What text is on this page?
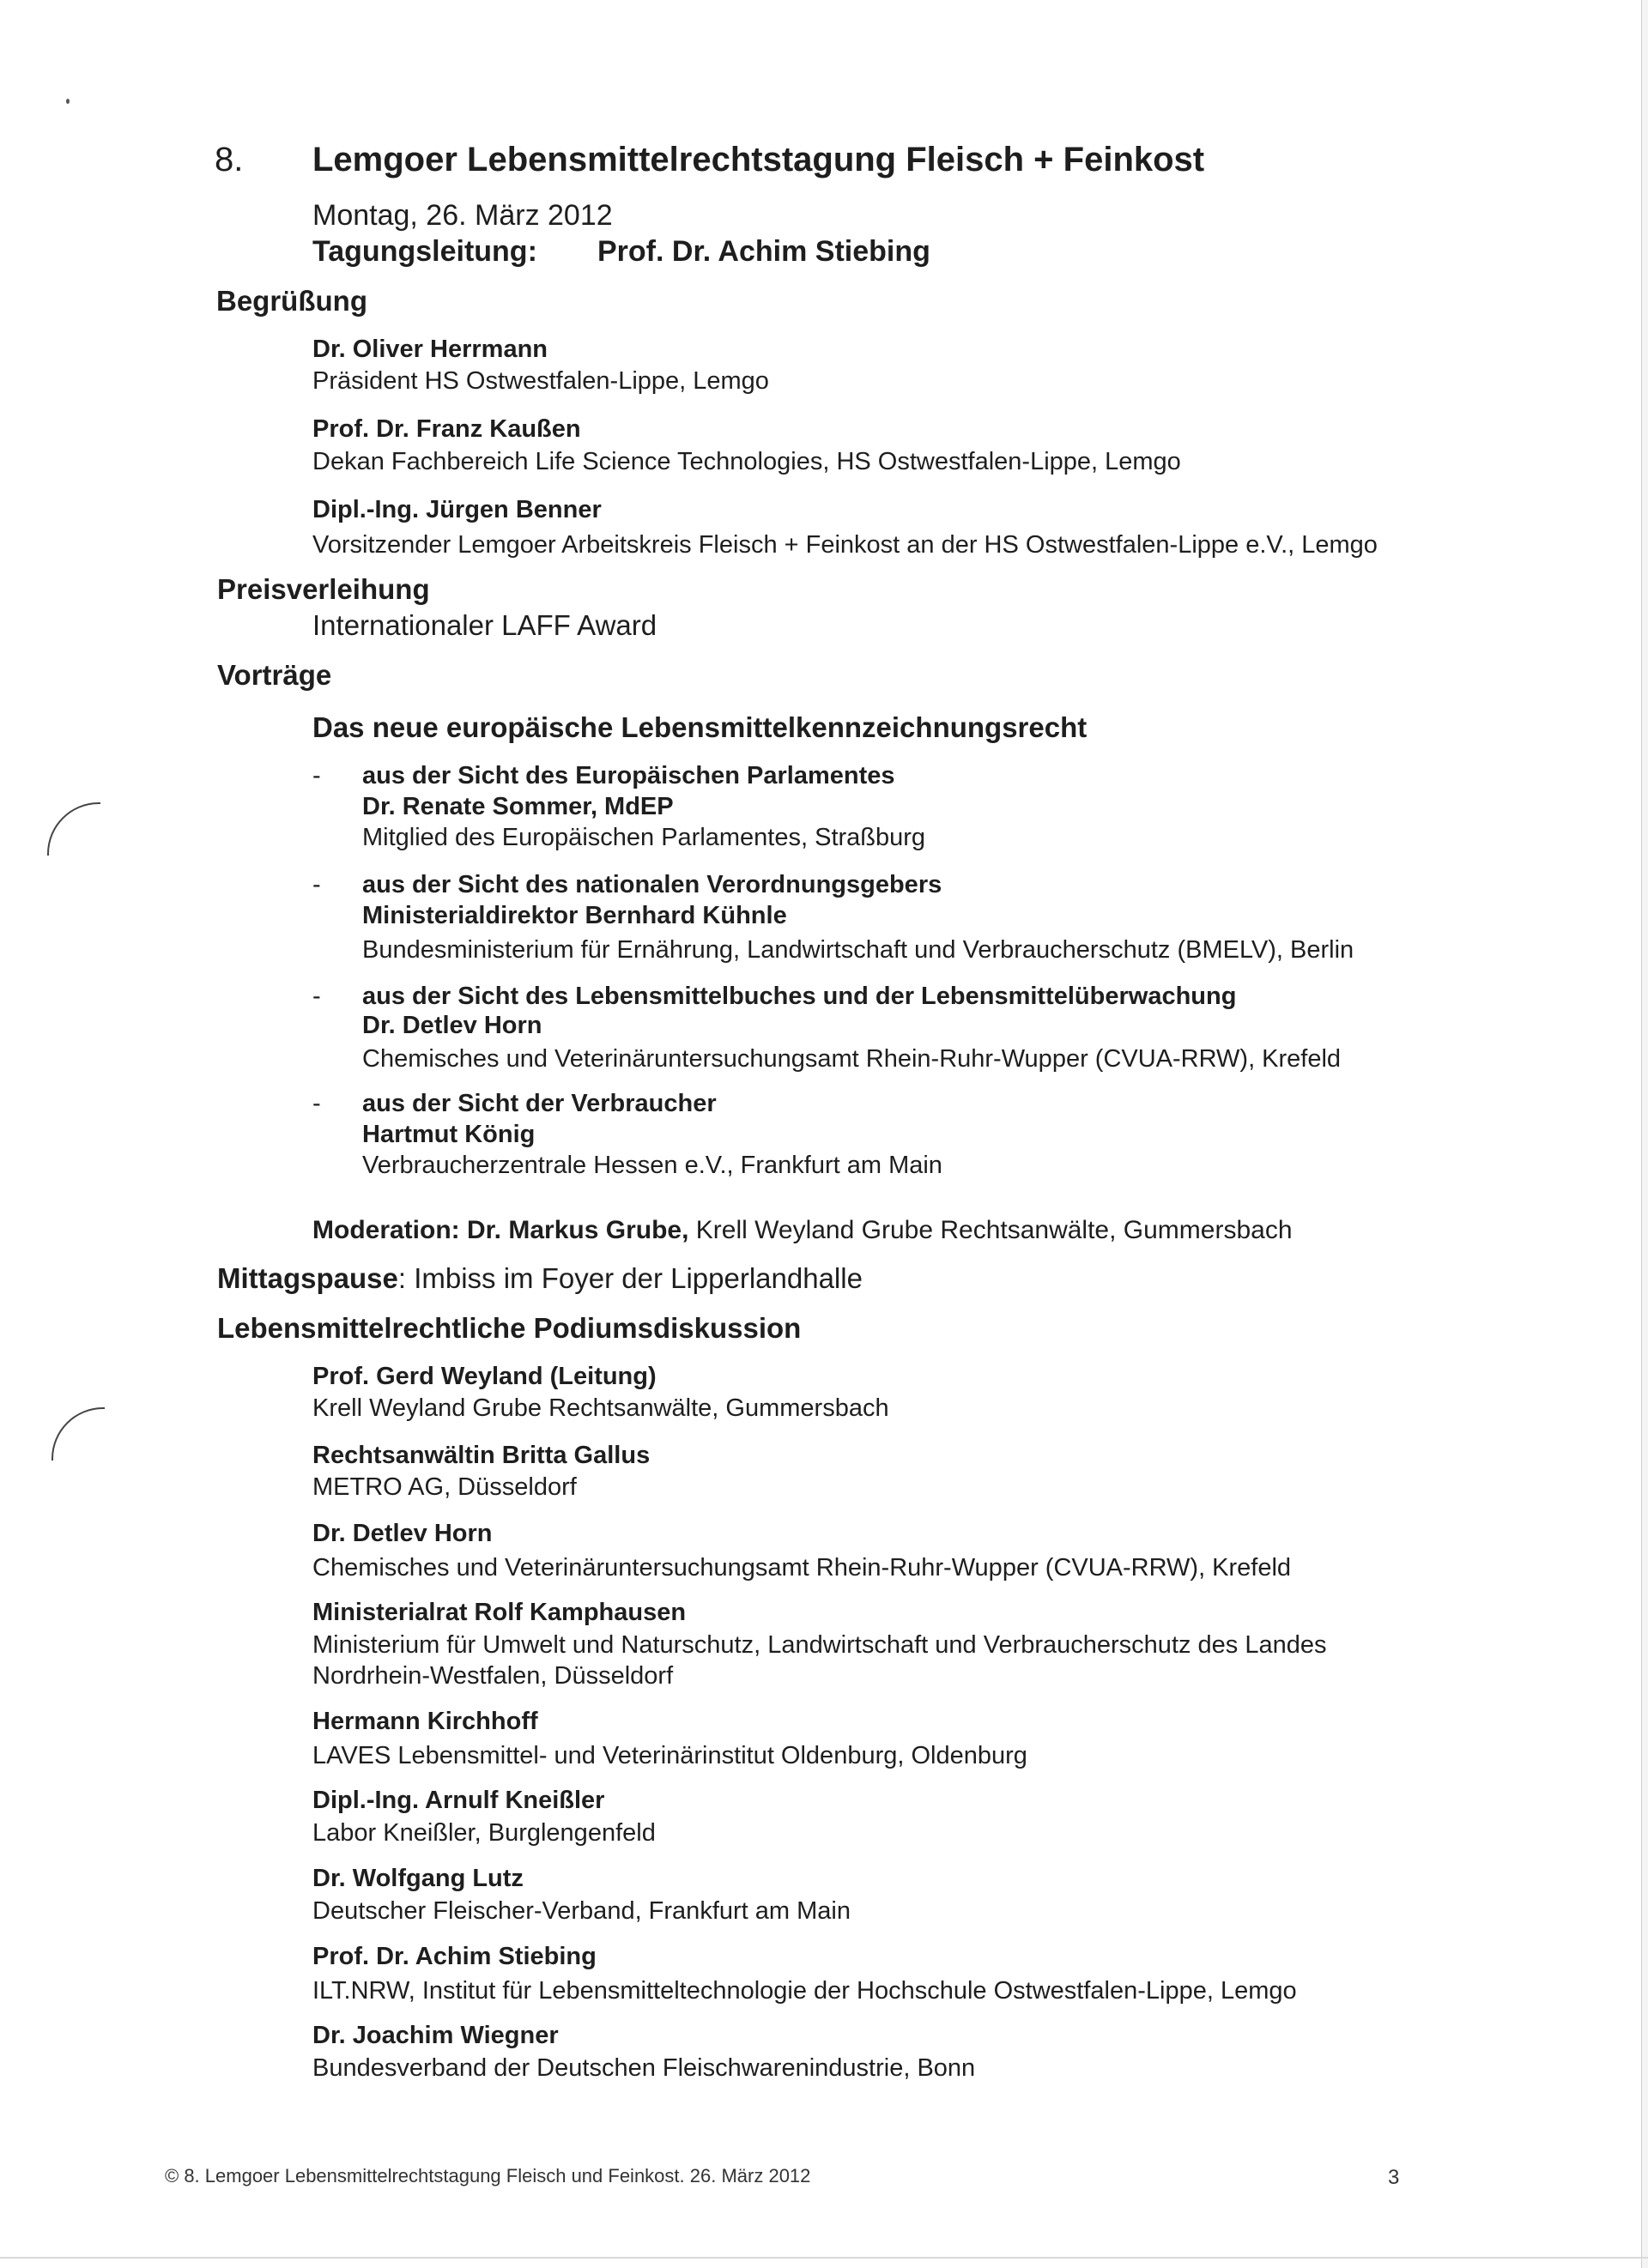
8. Lemgoer Lebensmittelrechtstagung Fleisch + Feinkost
Montag, 26. März 2012
Tagungsleitung: Prof. Dr. Achim Stiebing
Begrüßung
Dr. Oliver Herrmann
Präsident HS Ostwestfalen-Lippe, Lemgo
Prof. Dr. Franz Kaußen
Dekan Fachbereich Life Science Technologies, HS Ostwestfalen-Lippe, Lemgo
Dipl.-Ing. Jürgen Benner
Vorsitzender Lemgoer Arbeitskreis Fleisch + Feinkost an der HS Ostwestfalen-Lippe e.V., Lemgo
Preisverleihung
Internationaler LAFF Award
Vorträge
Das neue europäische Lebensmittelkennzeichnungsrecht
- aus der Sicht des Europäischen Parlamentes
Dr. Renate Sommer, MdEP
Mitglied des Europäischen Parlamentes, Straßburg
- aus der Sicht des nationalen Verordnungsgebers
Ministerialdirektor Bernhard Kühnle
Bundesministerium für Ernährung, Landwirtschaft und Verbraucherschutz (BMELV), Berlin
- aus der Sicht des Lebensmittelbuches und der Lebensmittelüberwachung
Dr. Detlev Horn
Chemisches und Veterinäruntersuchungsamt Rhein-Ruhr-Wupper (CVUA-RRW), Krefeld
- aus der Sicht der Verbraucher
Hartmut König
Verbraucherzentrale Hessen e.V., Frankfurt am Main
Moderation: Dr. Markus Grube, Krell Weyland Grube Rechtsanwälte, Gummersbach
Mittagspause: Imbiss im Foyer der Lipperlandhalle
Lebensmittelrechtliche Podiumsdiskussion
Prof. Gerd Weyland (Leitung)
Krell Weyland Grube Rechtsanwälte, Gummersbach
Rechtsanwältin Britta Gallus
METRO AG, Düsseldorf
Dr. Detlev Horn
Chemisches und Veterinäruntersuchungsamt Rhein-Ruhr-Wupper (CVUA-RRW), Krefeld
Ministerialrat Rolf Kamphausen
Ministerium für Umwelt und Naturschutz, Landwirtschaft und Verbraucherschutz des Landes
Nordrhein-Westfalen, Düsseldorf
Hermann Kirchhoff
LAVES Lebensmittel- und Veterinärinstitut Oldenburg, Oldenburg
Dipl.-Ing. Arnulf Kneißler
Labor Kneißler, Burglengenfeld
Dr. Wolfgang Lutz
Deutscher Fleischer-Verband, Frankfurt am Main
Prof. Dr. Achim Stiebing
ILT.NRW, Institut für Lebensmitteltechnologie der Hochschule Ostwestfalen-Lippe, Lemgo
Dr. Joachim Wiegner
Bundesverband der Deutschen Fleischwarenindustrie, Bonn
© 8. Lemgoer Lebensmittelrechtstagung Fleisch und Feinkost. 26. März 2012	3
